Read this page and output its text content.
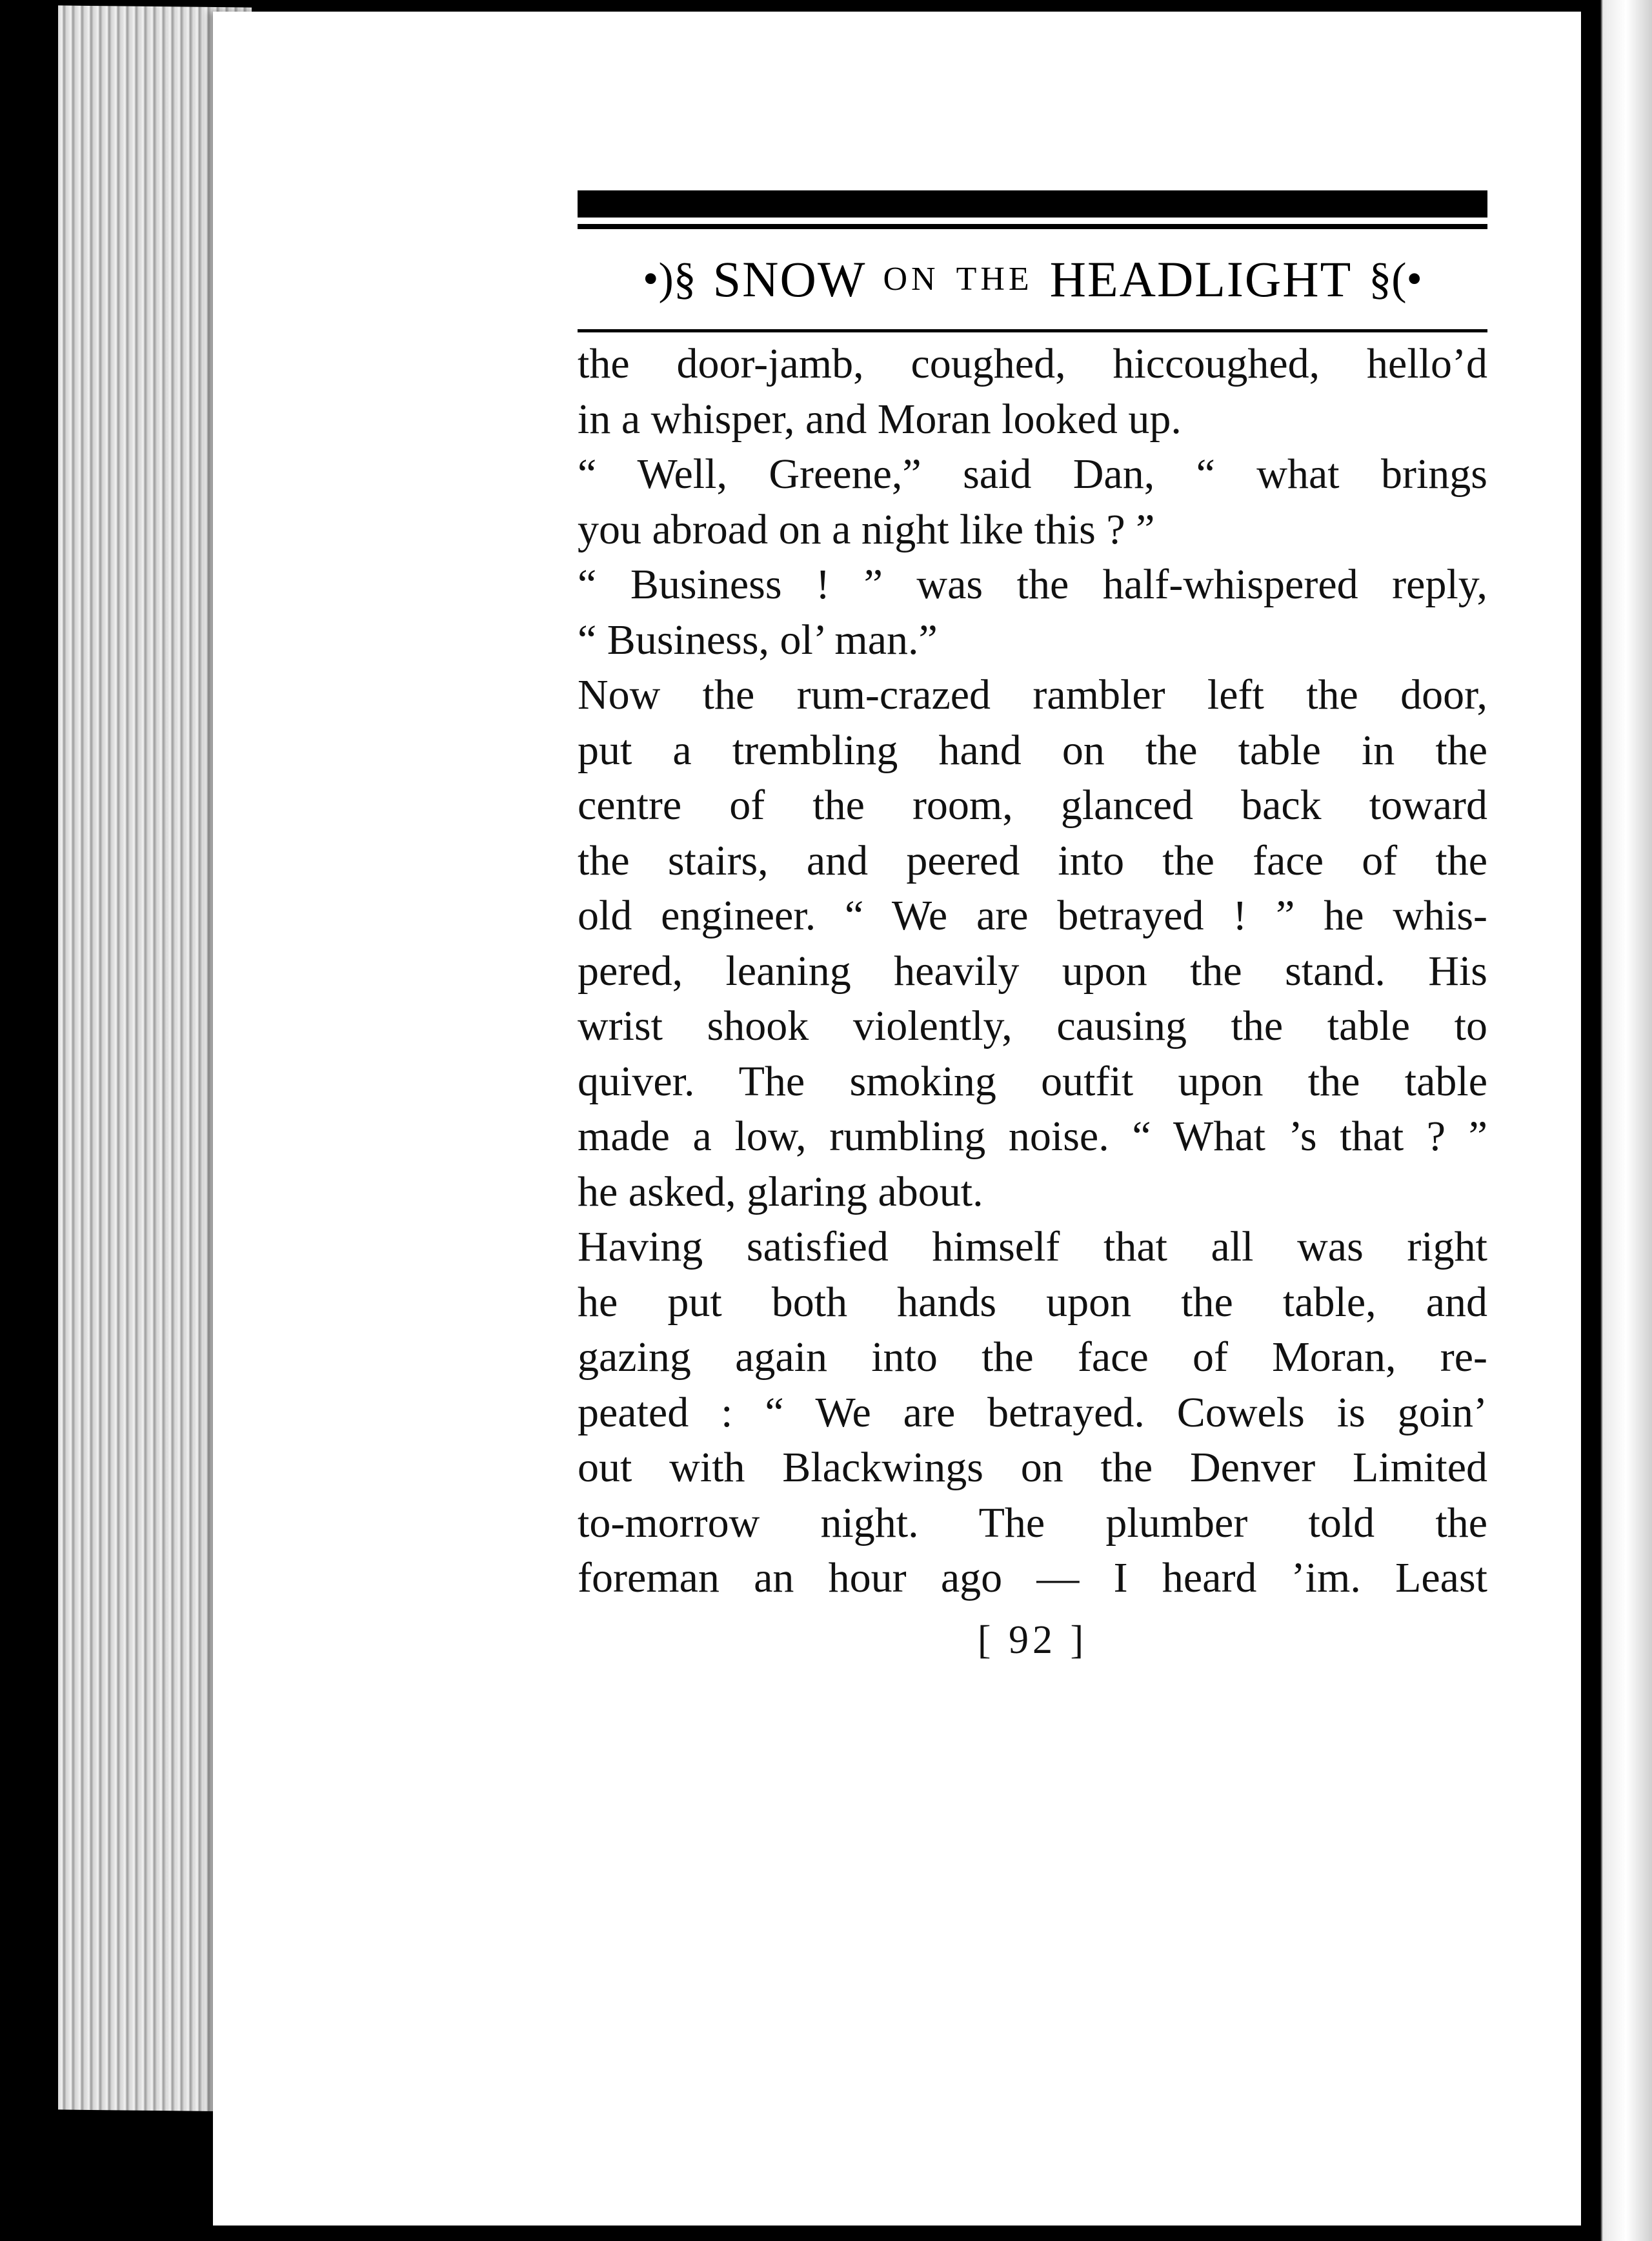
•)§ SNOW ON THE HEADLIGHT §(•

the door-jamb, coughed, hiccoughed, hello’d

in a whisper, and Moran looked up.

“ Well, Greene,” said Dan, “ what brings

you abroad on a night like this ? ”

“ Business ! ” was the half-whispered reply,

“ Business, ol’ man.”

Now the rum-crazed rambler left the door,

put a trembling hand on the table in the

centre of the room, glanced back toward

the stairs, and peered into the face of the

old engineer. “ We are betrayed ! ” he whis-

pered, leaning heavily upon the stand. His

wrist shook violently, causing the table to

quiver. The smoking outfit upon the table

made a low, rumbling noise. “ What ’s that ? ”

he asked, glaring about.

Having satisfied himself that all was right

he put both hands upon the table, and

gazing again into the face of Moran, re-

peated : “ We are betrayed. Cowels is goin’

out with Blackwings on the Denver Limited

to-morrow night. The plumber told the

foreman an hour ago — I heard ’im. Least

[ 92 ]
